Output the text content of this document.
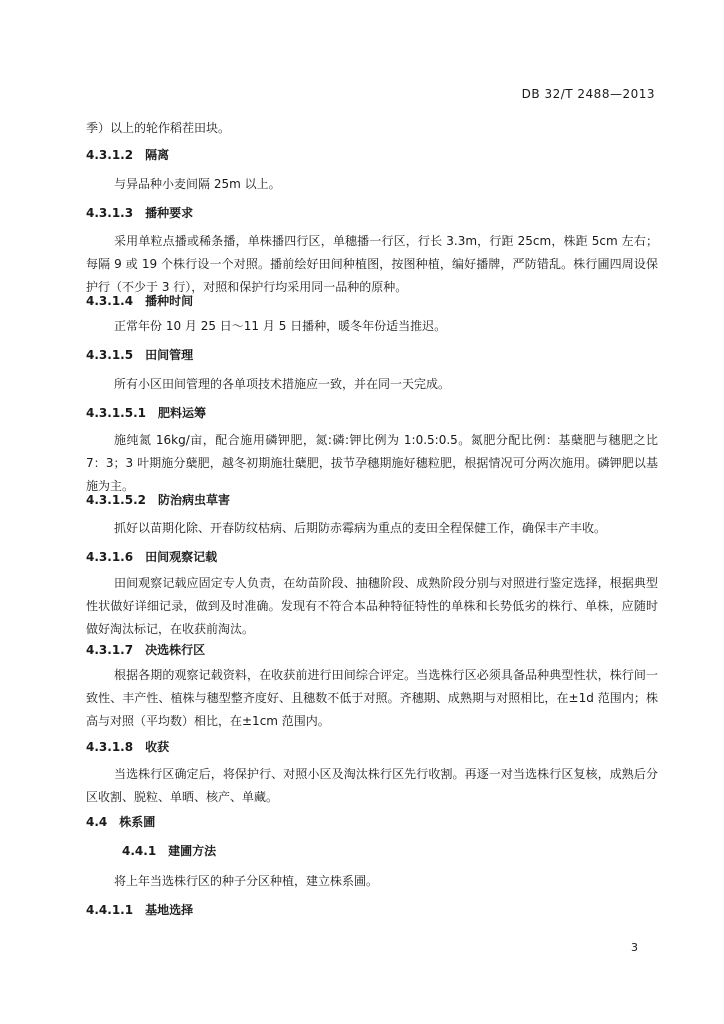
DB 32/T 2488—2013
季）以上的轮作稻茬田块。
4.3.1.2 隔离
与异品种小麦间隔 25m 以上。
4.3.1.3 播种要求
采用单粒点播或稀条播，单株播四行区，单穗播一行区，行长 3.3m，行距 25cm，株距 5cm 左右；每隔 9 或 19 个株行设一个对照。播前绘好田间种植图，按图种植，编好播牌，严防错乱。株行圃四周设保护行（不少于 3 行），对照和保护行均采用同一品种的原种。
4.3.1.4 播种时间
正常年份 10 月 25 日～11 月 5 日播种，暖冬年份适当推迟。
4.3.1.5 田间管理
所有小区田间管理的各单项技术措施应一致，并在同一天完成。
4.3.1.5.1 肥料运筹
施纯氮 16kg/亩，配合施用磷钾肥，氮:磷:钾比例为 1:0.5:0.5。氮肥分配比例：基蘖肥与穗肥之比 7：3；3 叶期施分蘖肥，越冬初期施壮蘖肥，拔节孕穗期施好穗粒肥，根据情况可分两次施用。磷钾肥以基施为主。
4.3.1.5.2 防治病虫草害
抓好以苗期化除、开春防纹枯病、后期防赤霉病为重点的麦田全程保健工作，确保丰产丰收。
4.3.1.6 田间观察记载
田间观察记载应固定专人负责，在幼苗阶段、抽穗阶段、成熟阶段分别与对照进行鉴定选择，根据典型性状做好详细记录，做到及时准确。发现有不符合本品种特征特性的单株和长势低劣的株行、单株，应随时做好淘汰标记，在收获前淘汰。
4.3.1.7 决选株行区
根据各期的观察记载资料，在收获前进行田间综合评定。当选株行区必须具备品种典型性状，株行间一致性、丰产性、植株与穗型整齐度好、且穗数不低于对照。齐穗期、成熟期与对照相比，在±1d 范围内；株高与对照（平均数）相比，在±1cm 范围内。
4.3.1.8 收获
当选株行区确定后，将保护行、对照小区及淘汰株行区先行收割。再逐一对当选株行区复核，成熟后分区收割、脱粒、单晒、核产、单藏。
4.4 株系圃
4.4.1 建圃方法
将上年当选株行区的种子分区种植，建立株系圃。
4.4.1.1 基地选择
3
